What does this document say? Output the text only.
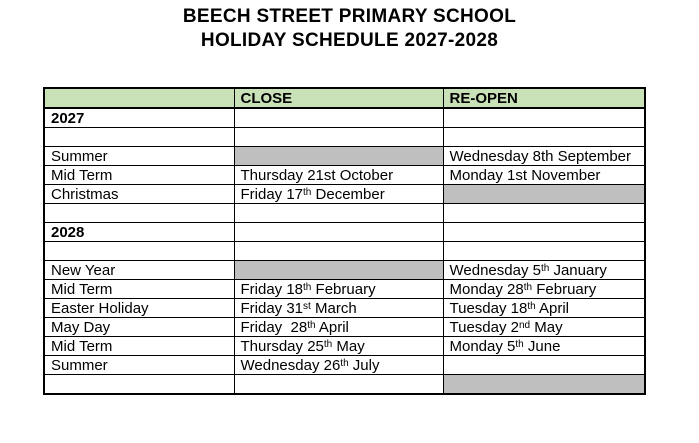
BEECH STREET PRIMARY SCHOOL
HOLIDAY SCHEDULE 2027-2028
	CLOSE	RE-OPEN
2027		

Summer		Wednesday 8th September
Mid Term	Thursday 21st October	Monday 1st November
Christmas	Friday 17th December	

2028		

New Year		Wednesday 5th January
Mid Term	Friday 18th February	Monday 28th February
Easter Holiday	Friday 31st March	Tuesday 18th April
May Day	Friday  28th April	Tuesday 2nd May
Mid Term	Thursday 25th May	Monday 5th June
Summer	Wednesday 26th July	
